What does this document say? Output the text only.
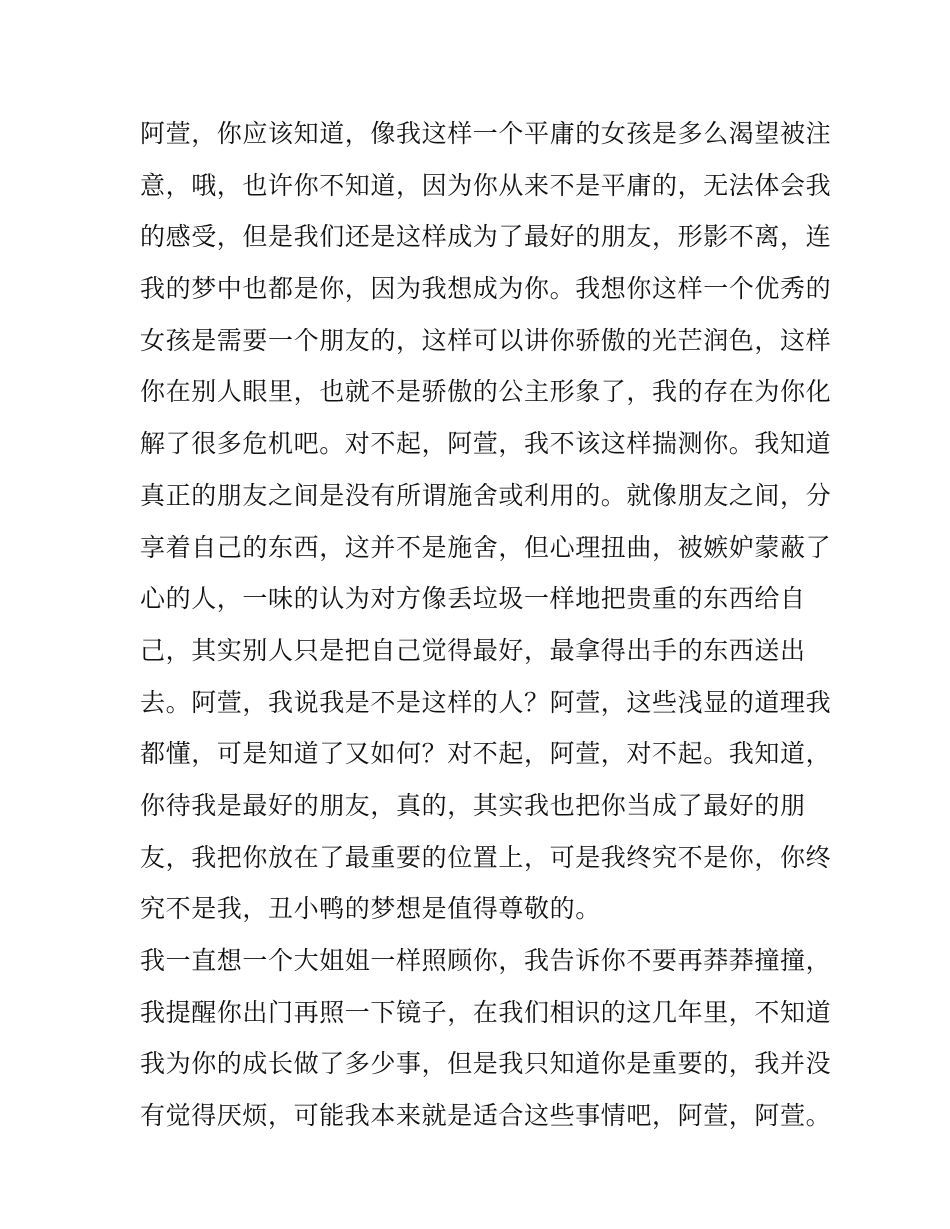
阿萱，你应该知道，像我这样一个平庸的女孩是多么渴望被注
意，哦，也许你不知道，因为你从来不是平庸的，无法体会我
的感受，但是我们还是这样成为了最好的朋友，形影不离，连
我的梦中也都是你，因为我想成为你。我想你这样一个优秀的
女孩是需要一个朋友的，这样可以讲你骄傲的光芒润色，这样
你在别人眼里，也就不是骄傲的公主形象了，我的存在为你化
解了很多危机吧。对不起，阿萱，我不该这样揣测你。我知道
真正的朋友之间是没有所谓施舍或利用的。就像朋友之间，分
享着自己的东西，这并不是施舍，但心理扭曲，被嫉妒蒙蔽了
心的人，一味的认为对方像丢垃圾一样地把贵重的东西给自
己，其实别人只是把自己觉得最好，最拿得出手的东西送出
去。阿萱，我说我是不是这样的人？阿萱，这些浅显的道理我
都懂，可是知道了又如何？对不起，阿萱，对不起。我知道，
你待我是最好的朋友，真的，其实我也把你当成了最好的朋
友，我把你放在了最重要的位置上，可是我终究不是你，你终
究不是我，丑小鸭的梦想是值得尊敬的。
我一直想一个大姐姐一样照顾你，我告诉你不要再莽莽撞撞，
我提醒你出门再照一下镜子，在我们相识的这几年里，不知道
我为你的成长做了多少事，但是我只知道你是重要的，我并没
有觉得厌烦，可能我本来就是适合这些事情吧，阿萱，阿萱。
